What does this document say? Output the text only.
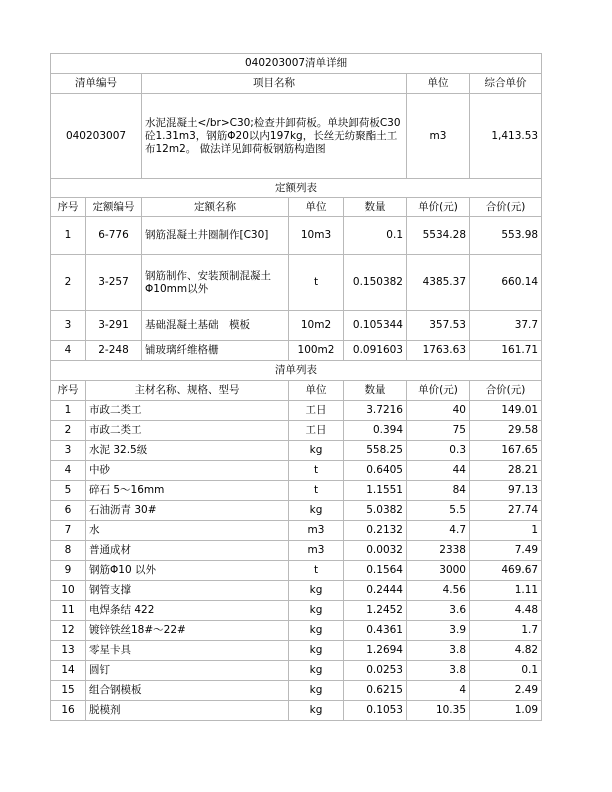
040203007清单详细						
清单编号		项目名称			单位	综合单价
040203007		水泥混凝土</br>C30;检查井卸荷板。单块卸荷板C30砼1.31m3，钢筋Φ20以内197kg，长丝无纺聚酯土工布12m2。 做法详见卸荷板钢筋构造图			m3	1,413.53
定额列表						
序号	定额编号	定额名称	单位	数量	单价(元)	合价(元)
1	6-776	钢筋混凝土井圈制作[C30]	10m3	0.1	5534.28	553.98
2	3-257	钢筋制作、安装预制混凝土Φ10mm以外	t	0.150382	4385.37	660.14
3	3-291	基础混凝土基础　模板	10m2	0.105344	357.53	37.7
4	2-248	铺玻璃纤维格栅	100m2	0.091603	1763.63	161.71
清单列表						
序号	主材名称、规格、型号		单位	数量	单价(元)	合价(元)
1	市政二类工		工日	3.7216	40	149.01
2	市政二类工		工日	0.394	75	29.58
3	水泥 32.5级		kg	558.25	0.3	167.65
4	中砂		t	0.6405	44	28.21
5	碎石 5～16mm		t	1.1551	84	97.13
6	石油沥青 30#		kg	5.0382	5.5	27.74
7	水		m3	0.2132	4.7	1
8	普通成材		m3	0.0032	2338	7.49
9	钢筋Φ10 以外		t	0.1564	3000	469.67
10	钢管支撑		kg	0.2444	4.56	1.11
11	电焊条结 422		kg	1.2452	3.6	4.48
12	镀锌铁丝18#～22#		kg	0.4361	3.9	1.7
13	零星卡具		kg	1.2694	3.8	4.82
14	圆钉		kg	0.0253	3.8	0.1
15	组合钢模板		kg	0.6215	4	2.49
16	脱模剂		kg	0.1053	10.35	1.09
